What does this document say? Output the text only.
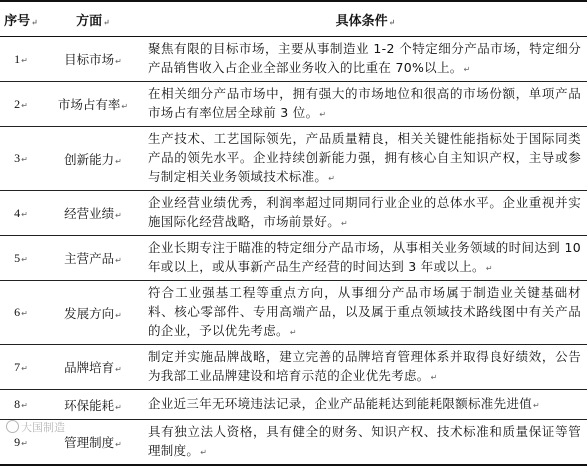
序号↵	方面↵	具体条件↵
1↵	目标市场↵	聚焦有限的目标市场，主要从事制造业 1-2 个特定细分产品市场，特定细分产品销售收入占企业全部业务收入的比重在 70%以上。↵
2↵	市场占有率↵	在相关细分产品市场中，拥有强大的市场地位和很高的市场份额，单项产品市场占有率位居全球前 3 位。↵
3↵	创新能力↵	生产技术、工艺国际领先，产品质量精良，相关关键性能指标处于国际同类产品的领先水平。企业持续创新能力强，拥有核心自主知识产权，主导或参与制定相关业务领域技术标准。↵
4↵	经营业绩↵	企业经营业绩优秀，利润率超过同期同行业企业的总体水平。企业重视并实施国际化经营战略，市场前景好。↵
5↵	主营产品↵	企业长期专注于瞄准的特定细分产品市场，从事相关业务领域的时间达到 10 年或以上，或从事新产品生产经营的时间达到 3 年或以上。↵
6↵	发展方向↵	符合工业强基工程等重点方向，从事细分产品市场属于制造业关键基础材料、核心零部件、专用高端产品，以及属于重点领域技术路线图中有关产品的企业，予以优先考虑。↵
7↵	品牌培育↵	制定并实施品牌战略，建立完善的品牌培育管理体系并取得良好绩效，公告为我部工业品牌建设和培育示范的企业优先考虑。↵
8↵	环保能耗↵	企业近三年无环境违法记录，企业产品能耗达到能耗限额标准先进值↵
9↵	管理制度↵	具有独立法人资格，具有健全的财务、知识产权、技术标准和质量保证等管理制度。↵
大国制造
